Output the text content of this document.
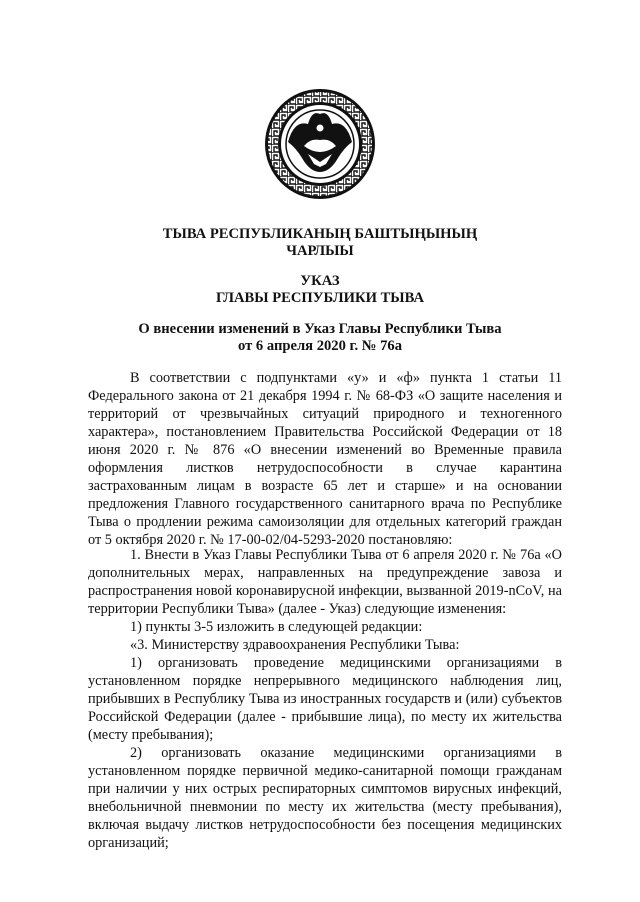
ТЫВА РЕСПУБЛИКАНЫҢ БАШТЫҢЫНЫҢ
ЧАРЛЫЫ
УКАЗ
ГЛАВЫ РЕСПУБЛИКИ ТЫВА
О внесении изменений в Указ Главы Республики Тыва
от 6 апреля 2020 г. № 76а

В соответствии с подпунктами «у» и «ф» пункта 1 статьи 11 Федерального закона от 21 декабря 1994 г. № 68-ФЗ «О защите населения и территорий от чрезвычайных ситуаций природного и техногенного характера», постановлением Правительства Российской Федерации от 18 июня 2020 г. № 876 «О внесении изменений во Временные правила оформления листков нетрудоспособности в случае карантина застрахованным лицам в возрасте 65 лет и старше» и на основании предложения Главного государственного санитарного врача по Республике Тыва о продлении режима самоизоляции для отдельных категорий граждан от 5 октября 2020 г. № 17-00-02/04-5293-2020 постановляю:

1. Внести в Указ Главы Республики Тыва от 6 апреля 2020 г. № 76а «О дополнительных мерах, направленных на предупреждение завоза и распространения новой коронавирусной инфекции, вызванной 2019-nCoV, на территории Республики Тыва» (далее - Указ) следующие изменения:

1) пункты 3-5 изложить в следующей редакции:

«3. Министерству здравоохранения Республики Тыва:

1) организовать проведение медицинскими организациями в установленном порядке непрерывного медицинского наблюдения лиц, прибывших в Республику Тыва из иностранных государств и (или) субъектов Российской Федерации (далее - прибывшие лица), по месту их жительства (месту пребывания);

2) организовать оказание медицинскими организациями в установленном порядке первичной медико-санитарной помощи гражданам при наличии у них острых респираторных симптомов вирусных инфекций, внебольничной пневмонии по месту их жительства (месту пребывания), включая выдачу листков нетрудоспособности без посещения медицинских организаций;
